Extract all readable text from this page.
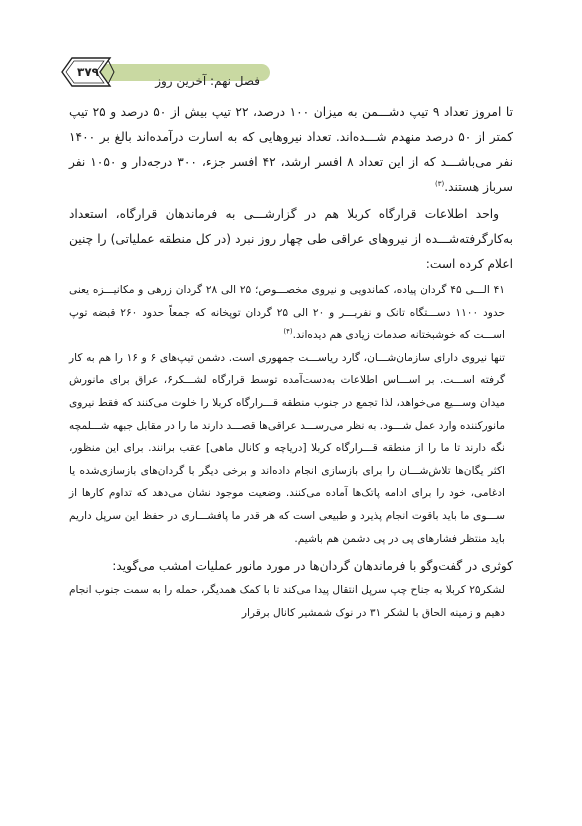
فصل نهم: آخرین روز
۳۷۹

تا امروز تعداد ۹ تیپ دشـــمن به میزان ۱۰۰ درصد، ۲۲ تیپ بیش از ۵۰ درصد و ۲۵ تیپ کمتر از ۵۰ درصد منهدم شـــده‌اند. تعداد نیروهایی که به اسارت درآمده‌اند بالغ بر ۱۴۰۰ نفر می‌باشـــد که از این تعداد ۸ افسر ارشد، ۴۲ افسر جزء، ۳۰۰ درجه‌دار و ۱۰۵۰ نفر سرباز هستند.$^{(۳)}$

واحد اطلاعات قرارگاه کربلا هم در گزارشـــی به فرماندهان قرارگاه، استعداد به‌کارگرفته‌شـــده از نیروهای عراقی طی چهار روز نبرد (در کل منطقه عملیاتی) را چنین اعلام کرده است:

۴۱ الـــی ۴۵ گردان پیاده، کماندویی و نیروی مخصـــوص؛ ۲۵ الی ۲۸ گردان زرهی و مکانیـــزه یعنی حدود ۱۱۰۰ دســـتگاه تانک و نفربـــر و ۲۰ الی ۲۵ گردان توپخانه که جمعاً حدود ۲۶۰ قبضه توپ اســـت که خوشبختانه صدمات زیادی هم دیده‌اند.$^{(۴)}$

تنها نیروی دارای سازمان‌شـــان، گارد ریاســـت جمهوری است. دشمن تیپ‌های ۶ و ۱۶ را هم به کار گرفته اســـت. بر اســـاس اطلاعات به‌دست‌آمده توسط قرارگاه لشـــکر۶، عراق برای مانورش میدان وســـیع می‌خواهد، لذا تجمع در جنوب منطقه قـــرارگاه کربلا را خلوت می‌کنند که فقط نیروی مانورکننده وارد عمل شـــود. به نظر می‌رســـد عراقی‌ها قصـــد دارند ما را در مقابل جبهه شـــلمچه نگه دارند تا ما را از منطقه قـــرارگاه کربلا [دریاچه و کانال ماهی] عقب برانند. برای این منظور، اکثر یگان‌ها تلاش‌شـــان را برای بازسازی انجام داده‌اند و برخی دیگر با گردان‌های بازسازی‌شده یا ادغامی، خود را برای ادامه پاتک‌ها آماده می‌کنند. وضعیت موجود نشان می‌دهد که تداوم کارها از ســـوی ما باید باقوت انجام پذیرد و طبیعی است که هر قدر ما پافشـــاری در حفظ این سرپل داریم باید منتظر فشارهای پی در پی دشمن هم باشیم.

کوثری در گفت‌وگو با فرماندهان گردان‌ها در مورد مانور عملیات امشب می‌گوید:

لشکر۲۵ کربلا به جناح چپ سرپل انتقال پیدا می‌کند تا با کمک همدیگر، حمله را به سمت جنوب انجام دهیم و زمینه الحاق با لشکر ۳۱ در نوک شمشیر کانال برقرار
